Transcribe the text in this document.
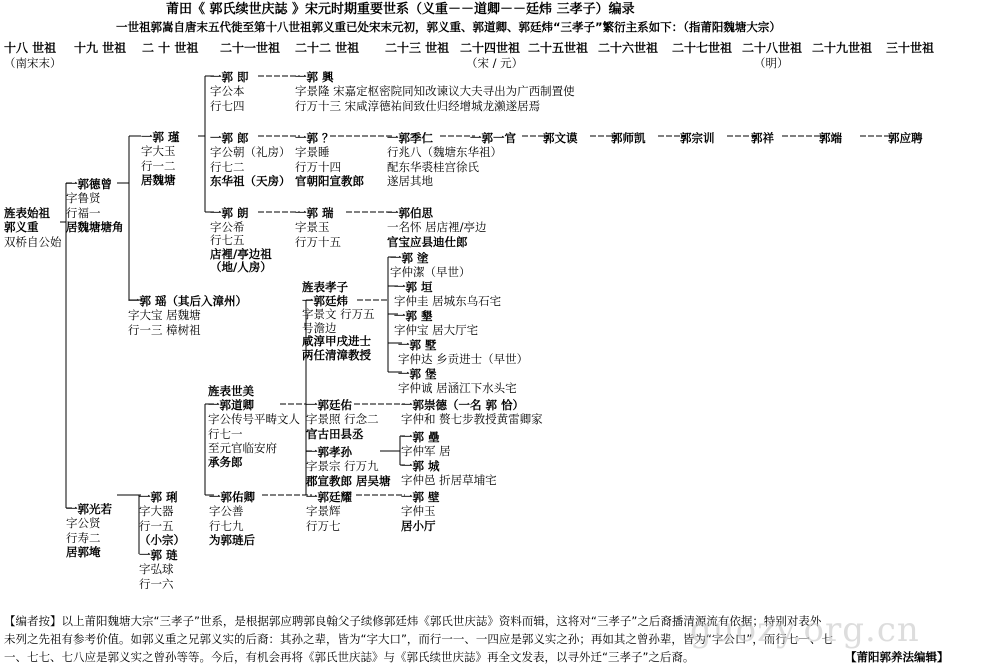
莆田《 郭氏续世庆誌 》宋元时期重要世系（义重－－道卿－－廷炜 三孝子）编录
一世祖郭嵩自唐末五代徙至第十八世祖郭义重已处宋末元初，郭义重、郭道卿、郭廷炜“三孝子”繁衍主系如下：（指莆阳魏塘大宗）
十八 世祖
（南宋末）
十九 世祖 二 十 世祖 二十一世祖 二十二 世祖 二十三 世祖 二十四世祖
（宋 / 元）
二十五世祖 二十六世祖 二十七世祖 二十八世祖
（明）
二十九世祖 三十世祖
旌表始祖
郭义重
双桥自公始
一郭德曾
字鲁贤
行福一
居魏塘塘角
一郭光若
字公贤
行寿二
居郭埯
一郭 瑾
字大玉
行一二
居魏塘
一郭 瑶（其后入漳州）
字大宝 居魏塘
行一三 樟树祖
一郭 琍
字大器
行一五
（小宗）
一郭 琏
字弘球
行一六
一郭 即
字公本
行七四
一郭 郎
字公朝（礼房）
行七二
东华祖（天房）
一郭 朗
字公希
行七五
店裡/亭边祖
（地/人房）
旌表世美
一郭道卿
字公传号平畴文人
行七一
至元官临安府
承务郎
一郭佑卿
字公善
行七九
为郭琏后
一郭 興
字景隆 宋嘉定枢密院同知改谏议大夫寻出为广西制置使
行万十三 宋咸淳德祐间致仕归经增城龙濑遂居焉
一郭 ？
字景睡
行万十四
官朝阳宣教郎
一郭 瑞
字景玉
行万十五
旌表孝子
一郭廷炜
字景文 行万五
号澹边
咸淳甲戌进士
两任清漳教授
一郭廷佑
字景照 行念二
官古田县丞
一郭孝孙
字景宗 行万九
郡宣教郎 居吴塘
一郭廷耀
字景辉
行万七
一郭季仁
行兆八（魏塘东华祖）
配东华裘桂宫徐氏
遂居其地
一郭伯思
一名怀 居店裡/亭边
官宝应县迪仕郎
一郭 塗
字仲潔（早世）
一郭 垣
字仲圭 居城东乌石宅
一郭 墾
字仲宝 居大厅宅
一郭 墅
字仲达 乡贡进士（早世）
一郭 堡
字仲诚 居涵江下水头宅
一郭崇德（一名 郭 恰）
字仲和 赘七步教授黄雷卿家
一郭 壘
字仲军 居
一郭 城
字仲邑 折居草埔宅
一郭 壁
字仲玉
居小厅
一郭一官 郭文谟	郭师凯	郭宗训	郭祥	郭端	郭应聘
【编者按】以上莆阳魏塘大宗“三孝子”世系，是根据郭应聘郭良翰父子续修郭廷炜《郭氏世庆誌》资料而辑，这将对“三孝子”之后裔播清源流有依据；特别对表外
未列之先祖有参考价值。如郭义重之兄郭义实的后裔：其孙之辈，皆为“字大口”，而行一一、一四应是郭义实之孙；再如其之曾孙辈，皆为“字公口”，而行七一、七
一、七七、七八应是郭义实之曾孙等等。今后，有机会再将《郭氏世庆誌》与《郭氏续世庆誌》再全文发表，以寻外迁“三孝子”之后裔。	【莆阳郭养法编辑】
guozy.org.cn
